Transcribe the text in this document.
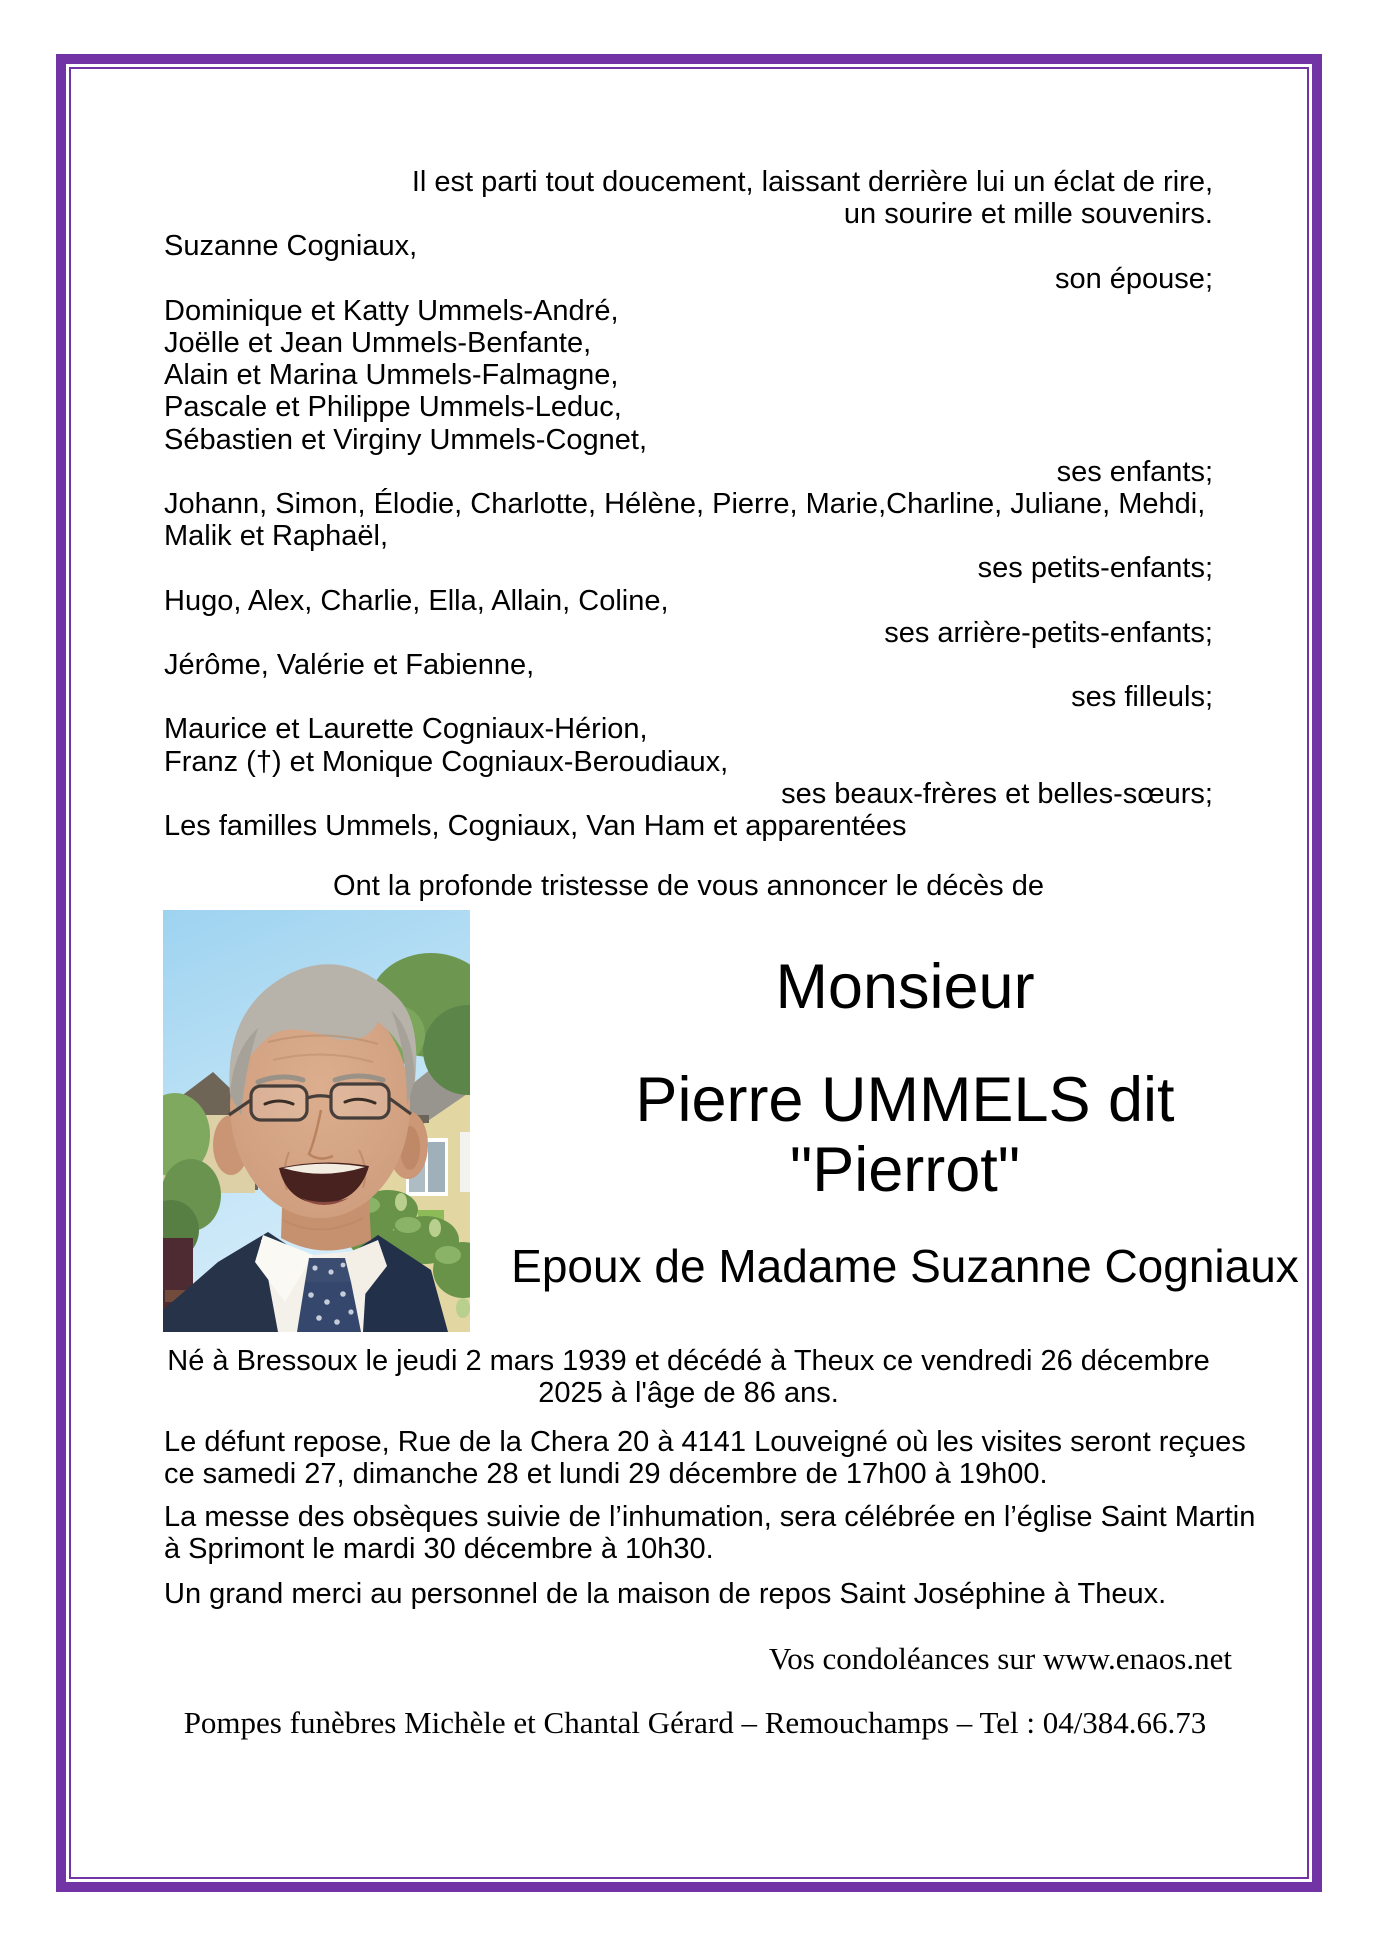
Il est parti tout doucement, laissant derrière lui un éclat de rire,
un sourire et mille souvenirs.
Suzanne Cogniaux,
son épouse;
Dominique et Katty Ummels-André,
Joëlle et Jean Ummels-Benfante,
Alain et Marina Ummels-Falmagne,
Pascale et Philippe Ummels-Leduc,
Sébastien et Virginy Ummels-Cognet,
ses enfants;
Johann, Simon, Élodie, Charlotte, Hélène, Pierre, Marie,Charline, Juliane, Mehdi,
Malik et Raphaël,
ses petits-enfants;
Hugo, Alex, Charlie, Ella, Allain, Coline,
ses arrière-petits-enfants;
Jérôme, Valérie et Fabienne,
ses filleuls;
Maurice et Laurette Cogniaux-Hérion,
Franz (†) et Monique Cogniaux-Beroudiaux,
ses beaux-frères et belles-sœurs;
Les familles Ummels, Cogniaux, Van Ham et apparentées
Ont la profonde tristesse de vous annoncer le décès de
Monsieur
Pierre UMMELS dit
"Pierrot"
Epoux de Madame Suzanne Cogniaux
Né à Bressoux le jeudi 2 mars 1939 et décédé à Theux ce vendredi 26 décembre
2025 à l'âge de 86 ans.
Le défunt repose, Rue de la Chera 20 à 4141 Louveigné où les visites seront reçues
ce samedi 27, dimanche 28 et lundi 29 décembre de 17h00 à 19h00.
La messe des obsèques suivie de l’inhumation, sera célébrée en l’église Saint Martin
à Sprimont le mardi 30 décembre à 10h30.
Un grand merci au personnel de la maison de repos Saint Joséphine à Theux.
Vos condoléances sur www.enaos.net
Pompes funèbres Michèle et Chantal Gérard – Remouchamps – Tel : 04/384.66.73
